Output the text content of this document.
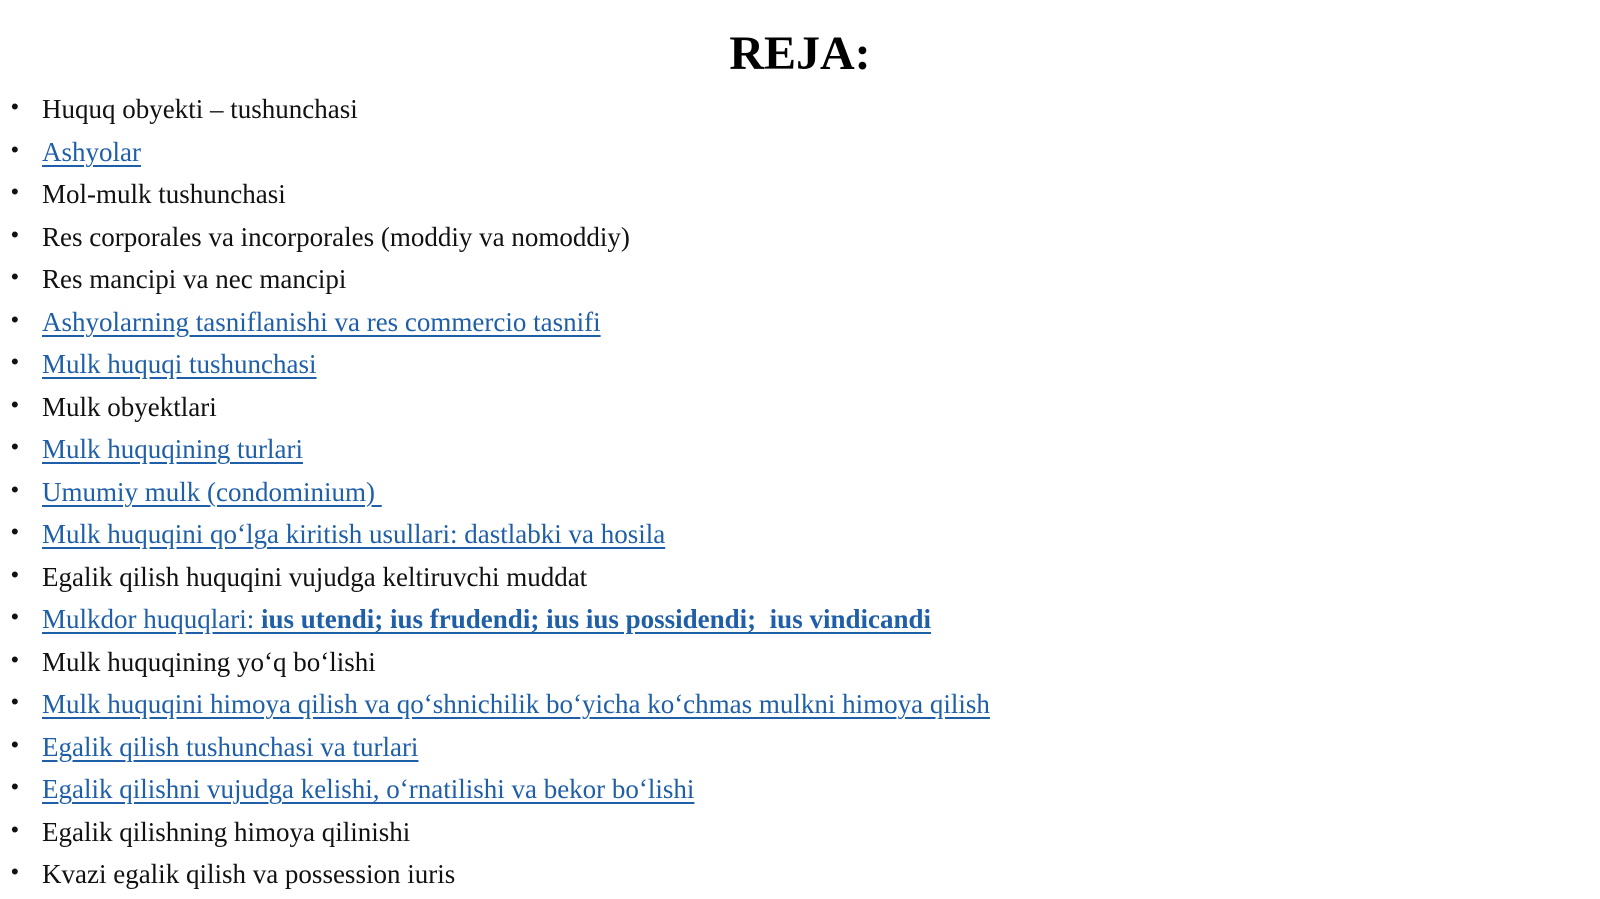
REJA:
• Huquq obyekti – tushunchasi
• Ashyolar
• Mol-mulk tushunchasi
• Res corporales va incorporales (moddiy va nomoddiy)
• Res mancipi va nec mancipi
• Ashyolarning tasniflanishi va res commercio tasnifi
• Mulk huquqi tushunchasi
• Mulk obyektlari
• Mulk huquqining turlari
• Umumiy mulk (condominium)
• Mulk huquqini qo‘lga kiritish usullari: dastlabki va hosila
• Egalik qilish huquqini vujudga keltiruvchi muddat
• Mulkdor huquqlari: ius utendi; ius frudendi; ius ius possidendi;  ius vindicandi
• Mulk huquqining yo‘q bo‘lishi
• Mulk huquqini himoya qilish va qo‘shnichilik bo‘yicha ko‘chmas mulkni himoya qilish
• Egalik qilish tushunchasi va turlari
• Egalik qilishni vujudga kelishi, o‘rnatilishi va bekor bo‘lishi
• Egalik qilishning himoya qilinishi
• Kvazi egalik qilish va possession iuris
